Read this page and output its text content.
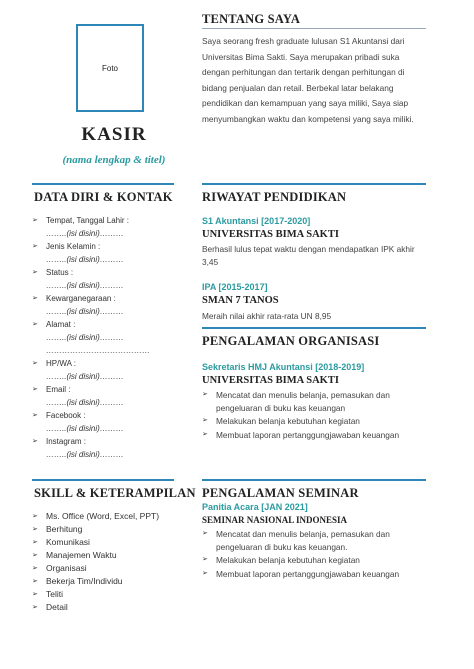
Foto
KASIR
(nama lengkap & titel)
DATA DIRI & KONTAK
➢ Tempat, Tanggal Lahir :
……..(isi disini)………
➢ Jenis Kelamin :
……..(isi disini)………
➢ Status :
……..(isi disini)………
➢ Kewarganegaraan :
……..(isi disini)………
➢ Alamat :
……..(isi disini)………
…………………………………
➢ HP/WA :
……..(isi disini)………
➢ Email :
……..(isi disini)………
➢ Facebook :
……..(isi disini)………
➢ Instagram :
……..(isi disini)………
SKILL & KETERAMPILAN
➢ Ms. Office (Word, Excel, PPT)
➢ Berhitung
➢ Komunikasi
➢ Manajemen Waktu
➢ Organisasi
➢ Bekerja Tim/Individu
➢ Teliti
➢ Detail
TENTANG SAYA
Saya seorang fresh graduate lulusan S1 Akuntansi dari Universitas Bima Sakti. Saya merupakan pribadi suka dengan perhitungan dan tertarik dengan perhitungan di bidang penjualan dan retail. Berbekal latar belakang pendidikan dan kemampuan yang saya miliki, Saya siap menyumbangkan waktu dan kompetensi yang saya miliki.
RIWAYAT PENDIDIKAN
S1 Akuntansi [2017-2020]
UNIVERSITAS BIMA SAKTI
Berhasil lulus tepat waktu dengan mendapatkan IPK akhir 3,45
IPA [2015-2017]
SMAN 7 TANOS
Meraih nilai akhir rata-rata UN 8,95
PENGALAMAN ORGANISASI
Sekretaris HMJ Akuntansi [2018-2019]
UNIVERSITAS BIMA SAKTI
➢ Mencatat dan menulis belanja, pemasukan dan pengeluaran di buku kas keuangan
➢ Melakukan belanja kebutuhan kegiatan
➢ Membuat laporan pertanggungjawaban keuangan
PENGALAMAN SEMINAR
Panitia Acara [JAN 2021]
SEMINAR NASIONAL INDONESIA
➢ Mencatat dan menulis belanja, pemasukan dan pengeluaran di buku kas keuangan.
➢ Melakukan belanja kebutuhan kegiatan
➢ Membuat laporan pertanggungjawaban keuangan
